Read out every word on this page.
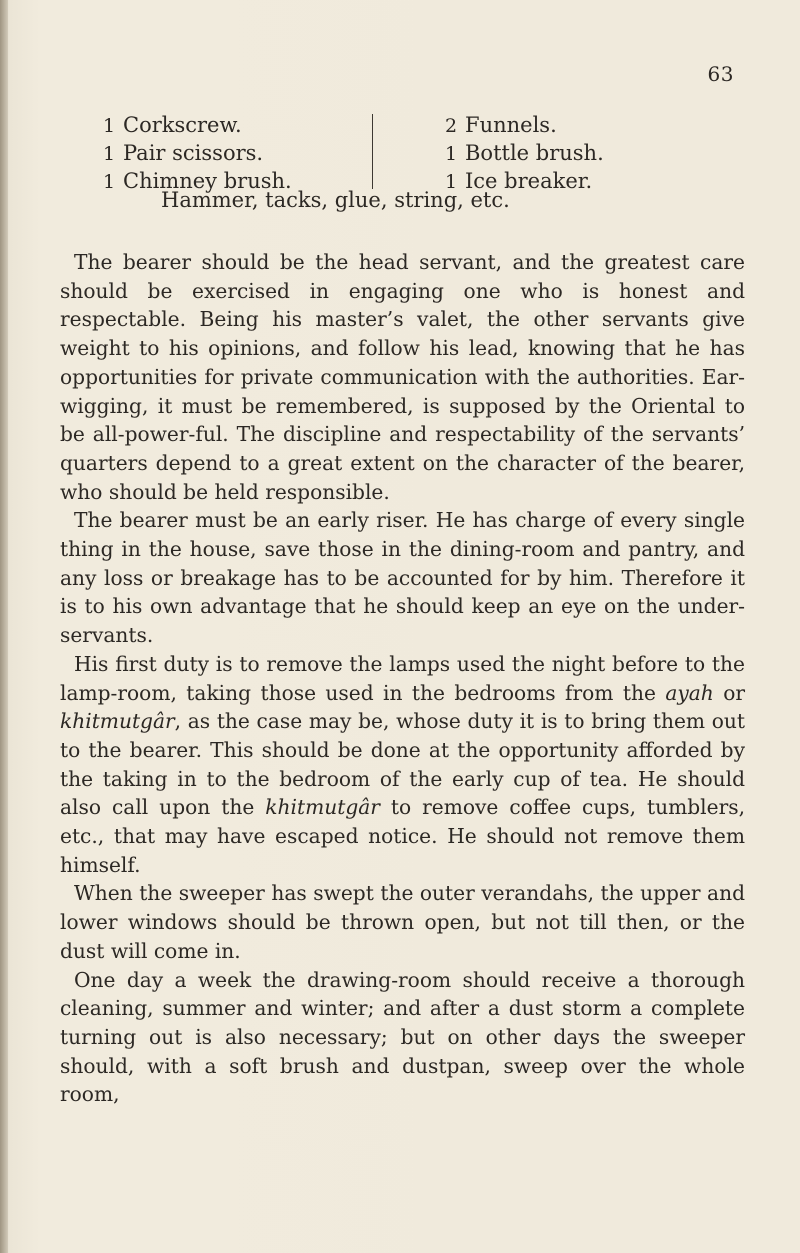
63
1 Corkscrew.
1 Pair scissors.
1 Chimney brush.
2 Funnels.
1 Bottle brush.
1 Ice breaker.
Hammer, tacks, glue, string, etc.

The bearer should be the head servant, and the greatest care should be exercised in engaging one who is honest and respectable. Being his master’s valet, the other servants give weight to his opinions, and follow his lead, knowing that he has opportunities for private communication with the authorities. Ear-wigging, it must be remembered, is supposed by the Oriental to be all-power-ful. The discipline and respectability of the servants’ quarters depend to a great extent on the character of the bearer, who should be held responsible.

The bearer must be an early riser. He has charge of every single thing in the house, save those in the dining-room and pantry, and any loss or breakage has to be accounted for by him. Therefore it is to his own advantage that he should keep an eye on the under-servants.

His first duty is to remove the lamps used the night before to the lamp-room, taking those used in the bedrooms from the ayah or khitmutgâr, as the case may be, whose duty it is to bring them out to the bearer. This should be done at the opportunity afforded by the taking in to the bedroom of the early cup of tea. He should also call upon the khitmutgâr to remove coffee cups, tumblers, etc., that may have escaped notice. He should not remove them himself.

When the sweeper has swept the outer verandahs, the upper and lower windows should be thrown open, but not till then, or the dust will come in.

One day a week the drawing-room should receive a thorough cleaning, summer and winter; and after a dust storm a complete turning out is also necessary; but on other days the sweeper should, with a soft brush and dustpan, sweep over the whole room,
